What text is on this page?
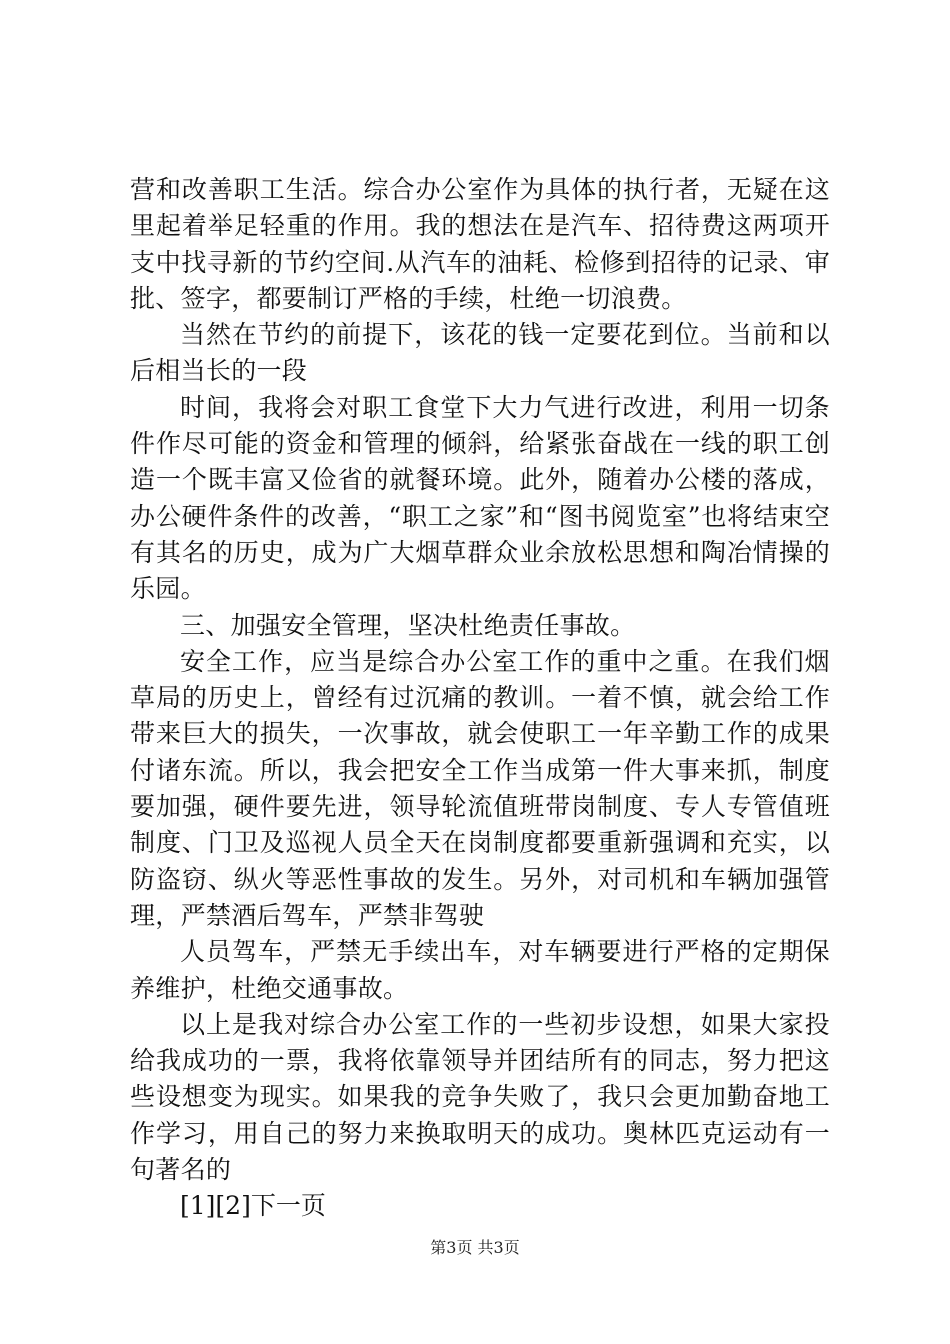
营和改善职工生活。综合办公室作为具体的执行者，无疑在这里起着举足轻重的作用。我的想法在是汽车、招待费这两项开支中找寻新的节约空间.从汽车的油耗、检修到招待的记录、审批、签字，都要制订严格的手续，杜绝一切浪费。

当然在节约的前提下，该花的钱一定要花到位。当前和以后相当长的一段

时间，我将会对职工食堂下大力气进行改进，利用一切条件作尽可能的资金和管理的倾斜，给紧张奋战在一线的职工创造一个既丰富又俭省的就餐环境。此外，随着办公楼的落成，办公硬件条件的改善，“职工之家”和“图书阅览室”也将结束空有其名的历史，成为广大烟草群众业余放松思想和陶冶情操的乐园。

三、加强安全管理，坚决杜绝责任事故。

安全工作，应当是综合办公室工作的重中之重。在我们烟草局的历史上，曾经有过沉痛的教训。一着不慎，就会给工作带来巨大的损失，一次事故，就会使职工一年辛勤工作的成果付诸东流。所以，我会把安全工作当成第一件大事来抓，制度要加强，硬件要先进，领导轮流值班带岗制度、专人专管值班制度、门卫及巡视人员全天在岗制度都要重新强调和充实，以防盗窃、纵火等恶性事故的发生。另外，对司机和车辆加强管理，严禁酒后驾车，严禁非驾驶

人员驾车，严禁无手续出车，对车辆要进行严格的定期保养维护，杜绝交通事故。

以上是我对综合办公室工作的一些初步设想，如果大家投给我成功的一票，我将依靠领导并团结所有的同志，努力把这些设想变为现实。如果我的竞争失败了，我只会更加勤奋地工作学习，用自己的努力来换取明天的成功。奥林匹克运动有一句著名的

[1][2]下一页

第3页 共3页
